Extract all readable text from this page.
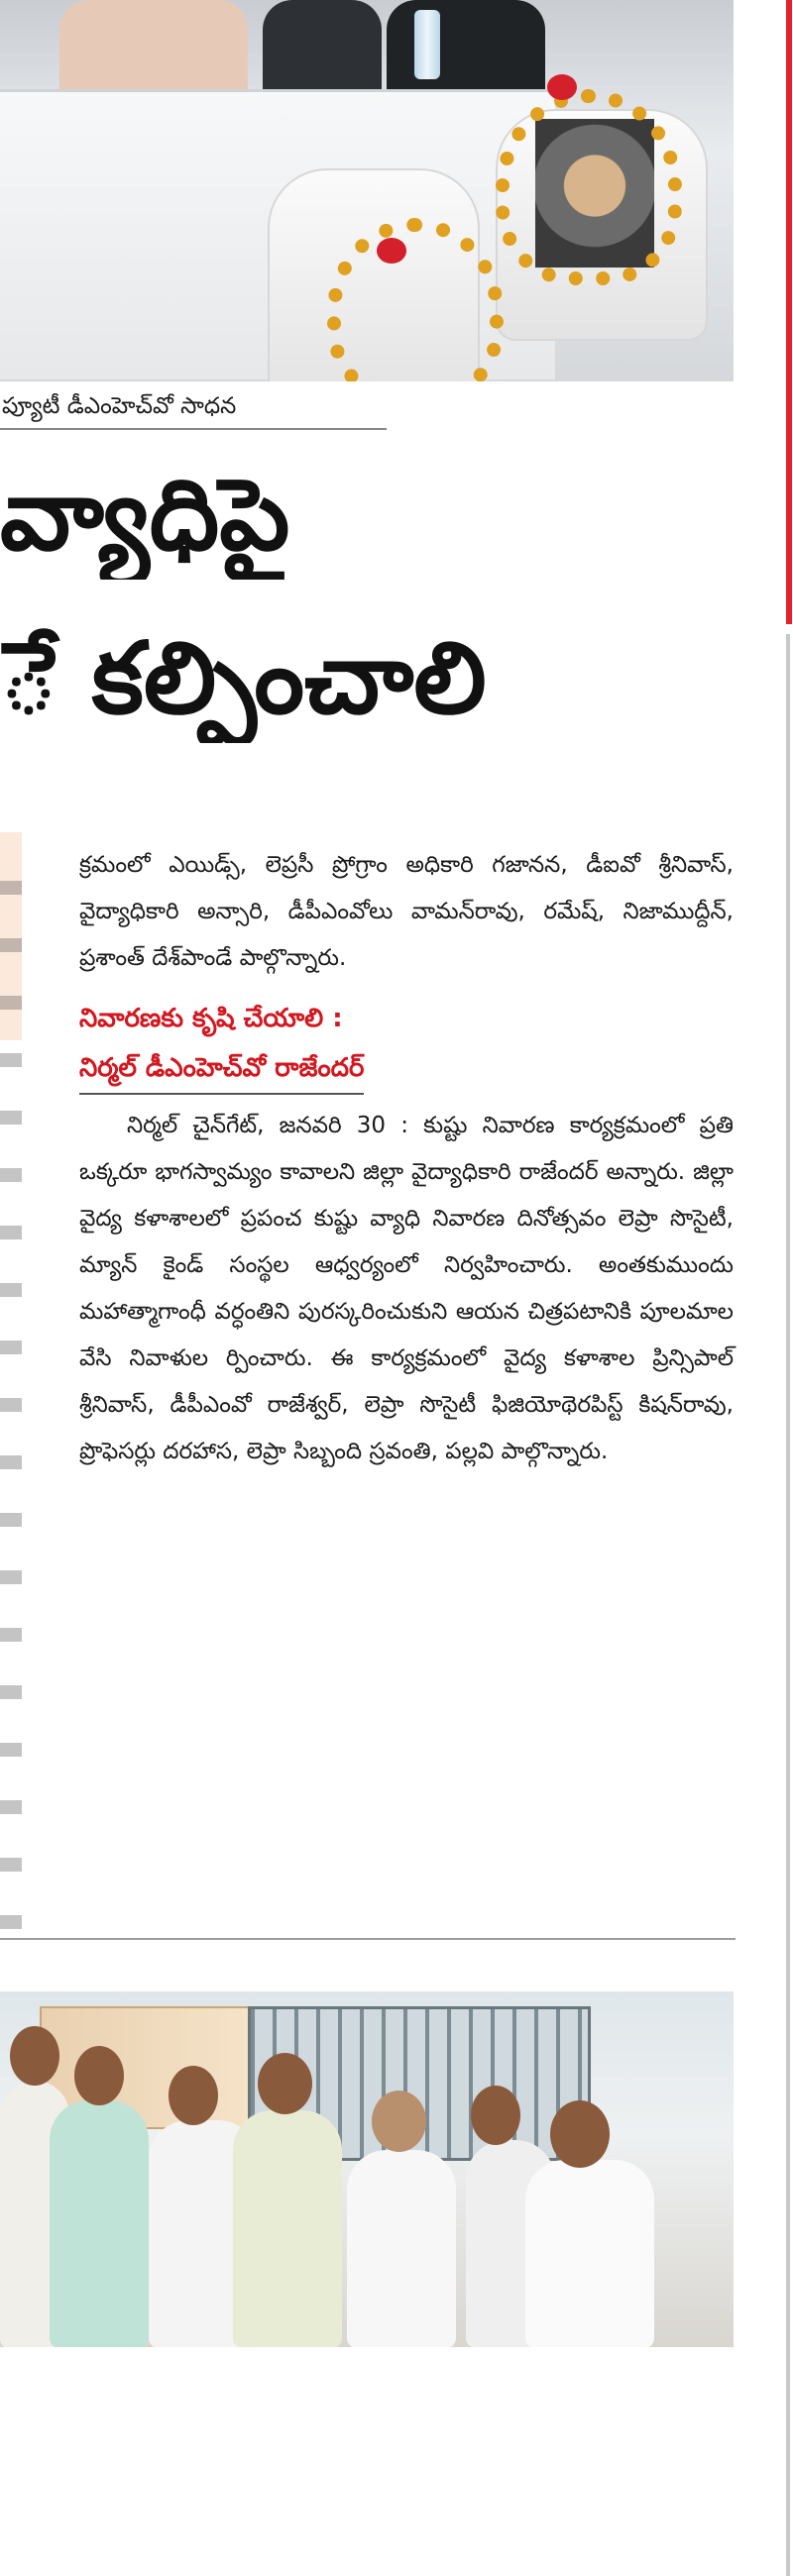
ప్యూటీ డీఎంహెచ్‌వో సాధన
వ్యాధిపై
ే కల్పించాలి

క్రమంలో ఎయిడ్స్, లెప్రసీ ప్రోగ్రాం అధికారి గజానన, డీఐవో శ్రీనివాస్, వైద్యాధికారి అన్సారి, డీపీఎంవోలు వామన్‌రావు, రమేష్, నిజాముద్దీన్, ప్రశాంత్ దేశ్‌పాండే పాల్గొన్నారు.

నివారణకు కృషి చేయాలి :

నిర్మల్ డీఎంహెచ్‌వో రాజేందర్

నిర్మల్ చైన్‌గేట్, జనవరి 30 : కుష్టు నివారణ కార్యక్రమంలో ప్రతి ఒక్కరూ భాగస్వామ్యం కావాలని జిల్లా వైద్యాధికారి రాజేందర్ అన్నారు. జిల్లా వైద్య కళాశాలలో ప్రపంచ కుష్టు వ్యాధి నివారణ దినోత్సవం లెప్రా సొసైటీ, మ్యాన్ కైండ్ సంస్థల ఆధ్వర్యంలో నిర్వహించారు. అంతకుముందు మహాత్మాగాంధీ వర్ధంతిని పురస్కరించుకుని ఆయన చిత్రపటానికి పూలమాల వేసి నివాళుల ర్పించారు. ఈ కార్యక్రమంలో వైద్య కళాశాల ప్రిన్సిపాల్ శ్రీనివాస్, డీపీఎంవో రాజేశ్వర్, లెప్రా సొసైటీ ఫిజియోథెరపిస్ట్ కిషన్‌రావు, ప్రొఫెసర్లు దరహాస, లెప్రా సిబ్బంది స్రవంతి, పల్లవి పాల్గొన్నారు.
